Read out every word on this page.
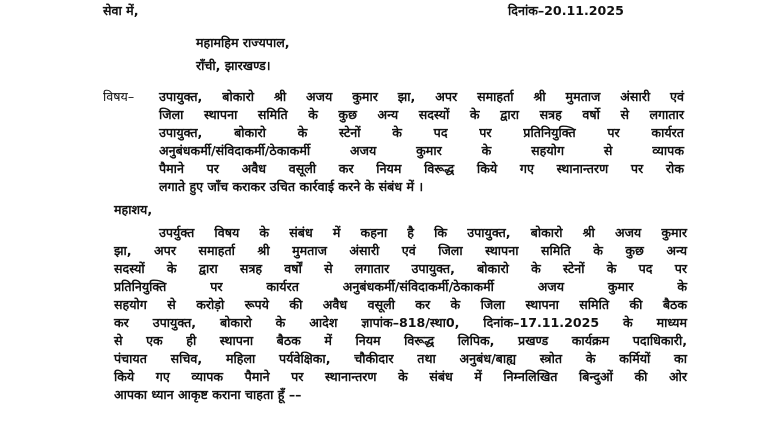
सेवा में,	दिनांक–20.11.2025
महामहिम राज्यपाल,
रॉंची, झारखण्ड।
विषय– उपायुक्त, बोकारो श्री अजय कुमार झा, अपर समाहर्ता श्री मुमताज अंसारी एवं
जिला स्थापना समिति के कुछ अन्य सदस्यों के द्वारा सत्रह वर्षो से लगातार
उपायुक्त, बोकारो के स्टेनों के पद पर प्रतिनियुक्ति पर कार्यरत
अनुबंधकर्मी/संविदाकर्मी/ठेकाकर्मी अजय कुमार के सहयोग से व्यापक
पैमाने पर अवैध वसूली कर नियम विरूद्ध किये गए स्थानान्तरण पर रोक
लगाते हुए जॉंच कराकर उचित कार्रवाई करने के संबंध में ।
महाशय,
उपर्युक्त विषय के संबंध में कहना है कि उपायुक्त, बोकारो श्री अजय कुमार
झा, अपर समाहर्ता श्री मुमताज अंसारी एवं जिला स्थापना समिति के कुछ अन्य
सदस्यों के द्वारा सत्रह वर्षों से लगातार उपायुक्त, बोकारो के स्टेनों के पद पर
प्रतिनियुक्ति पर कार्यरत अनुबंधकर्मी/संविदाकर्मी/ठेकाकर्मी अजय कुमार के
सहयोग से करोड़ो रूपये की अवैध वसूली कर के जिला स्थापना समिति की बैठक
कर उपायुक्त, बोकारो के आदेश ज्ञापांक–818/स्था0, दिनांक–17.11.2025 के माध्यम
से एक ही स्थापना बैठक में नियम विरूद्ध लिपिक, प्रखण्ड कार्यक्रम पदाधिकारी,
पंचायत सचिव, महिला पर्यवेक्षिका, चौकीदार तथा अनुबंध/बाह्य स्त्रोत के कर्मियों का
किये गए व्यापक पैमाने पर स्थानान्तरण के संबंध में निम्नलिखित बिन्दुओं की ओर
आपका ध्यान आकृष्ट कराना चाहता हूँ ––
